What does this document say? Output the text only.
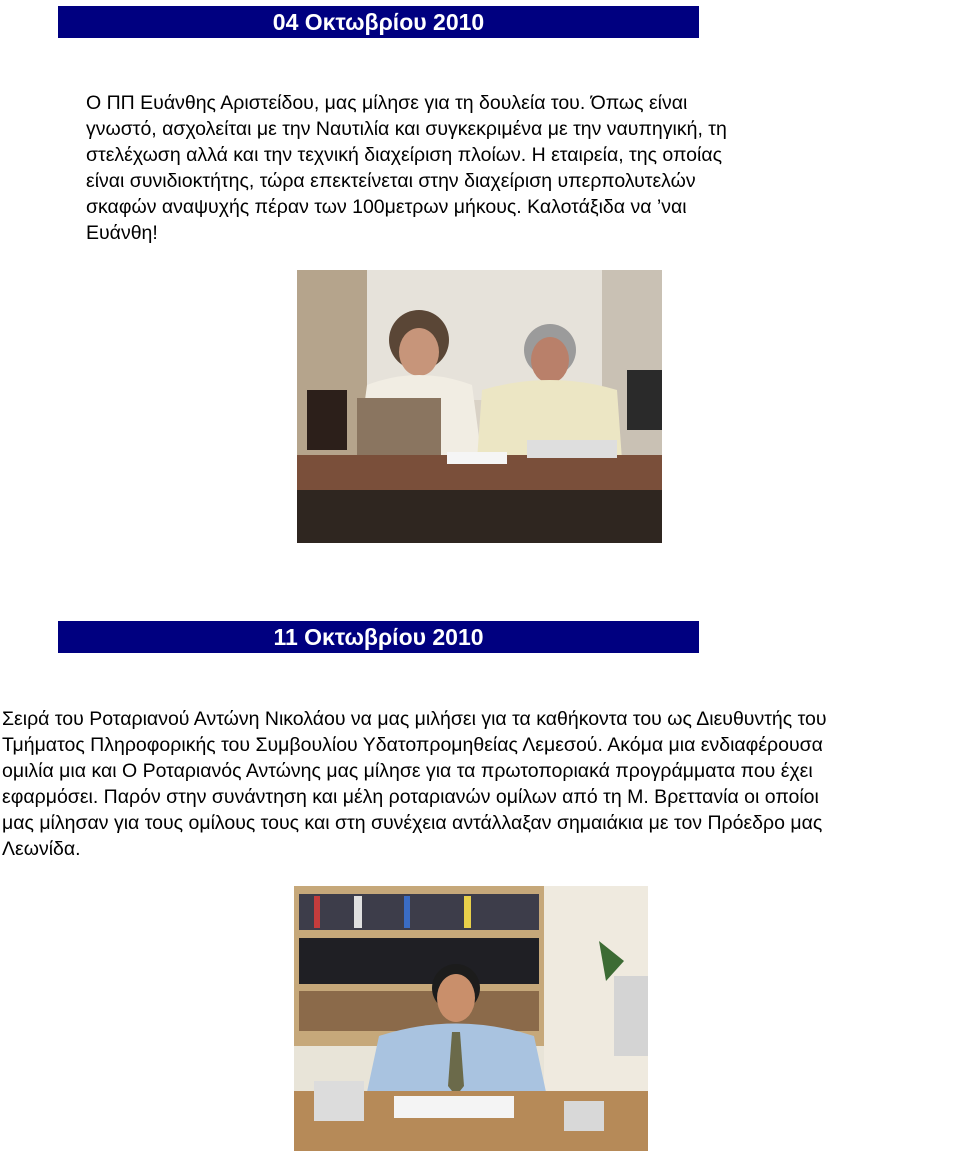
04 Οκτωβρίου 2010

Ο ΠΠ Ευάνθης Αριστείδου, μας μίλησε για τη δουλεία του. Όπως είναι
γνωστό, ασχολείται με την Ναυτιλία και συγκεκριμένα με την ναυπηγική, τη
στελέχωση αλλά και την τεχνική διαχείριση πλοίων. Η εταιρεία, της οποίας
είναι συνιδιοκτήτης, τώρα επεκτείνεται στην διαχείριση υπερπολυτελών
σκαφών αναψυχής πέραν των 100μετρων μήκους. Καλοτάξιδα να ’ναι
Ευάνθη!

11 Οκτωβρίου 2010

Σειρά του Ροταριανού Αντώνη Νικολάου να μας μιλήσει για τα καθήκοντα του ως Διευθυντής του
Τμήματος Πληροφορικής του Συμβουλίου Υδατοπρομηθείας Λεμεσού. Ακόμα μια ενδιαφέρουσα
ομιλία μια και Ο Ροταριανός Αντώνης μας μίλησε για τα πρωτοποριακά προγράμματα που έχει
εφαρμόσει. Παρόν στην συνάντηση και μέλη ροταριανών ομίλων από τη Μ. Βρεττανία οι οποίοι
μας μίλησαν για τους ομίλους τους και στη συνέχεια αντάλλαξαν σημαιάκια με τον Πρόεδρο μας
Λεωνίδα.
